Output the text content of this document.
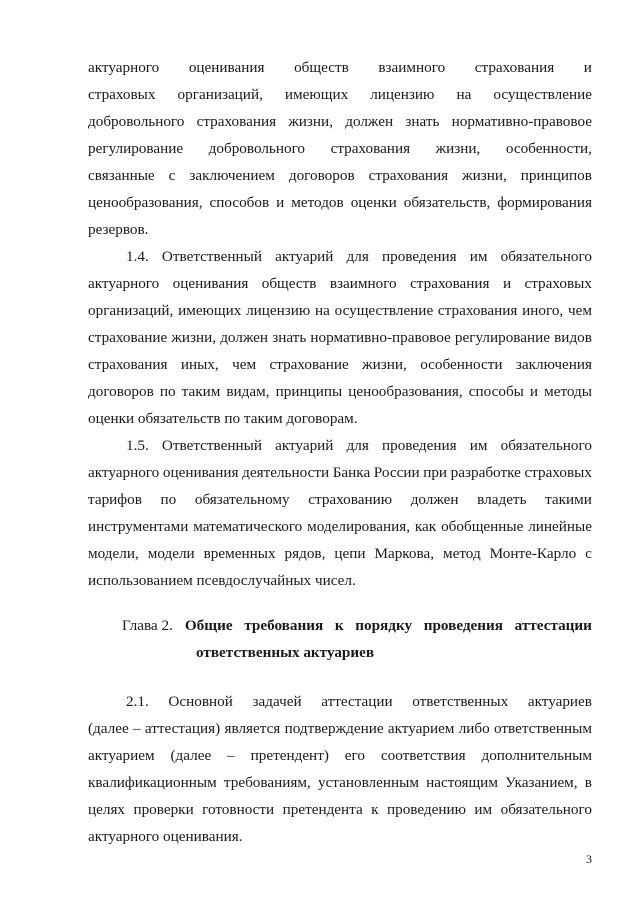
актуарного оценивания обществ взаимного страхования и
страховых организаций, имеющих лицензию на осуществление
добровольного страхования жизни, должен знать нормативно-правовое
регулирование добровольного страхования жизни, особенности,
связанные с заключением договоров страхования жизни, принципов
ценообразования, способов и методов оценки обязательств, формирования
резервов.
1.4. Ответственный актуарий для проведения им обязательного
актуарного оценивания обществ взаимного страхования и страховых
организаций, имеющих лицензию на осуществление страхования иного, чем
страхование жизни, должен знать нормативно-правовое регулирование видов
страхования иных, чем страхование жизни, особенности заключения
договоров по таким видам, принципы ценообразования, способы и методы
оценки обязательств по таким договорам.
1.5. Ответственный актуарий для проведения им обязательного
актуарного оценивания деятельности Банка России при разработке страховых
тарифов по обязательному страхованию должен владеть такими
инструментами математического моделирования, как обобщенные линейные
модели, модели временных рядов, цепи Маркова, метод Монте-Карло с
использованием псевдослучайных чисел.
Глава 2. Общие требования к порядку проведения аттестации
ответственных актуариев
2.1. Основной задачей аттестации ответственных актуариев
(далее – аттестация) является подтверждение актуарием либо ответственным
актуарием (далее – претендент) его соответствия дополнительным
квалификационным требованиям, установленным настоящим Указанием, в
целях проверки готовности претендента к проведению им обязательного
актуарного оценивания.
3
